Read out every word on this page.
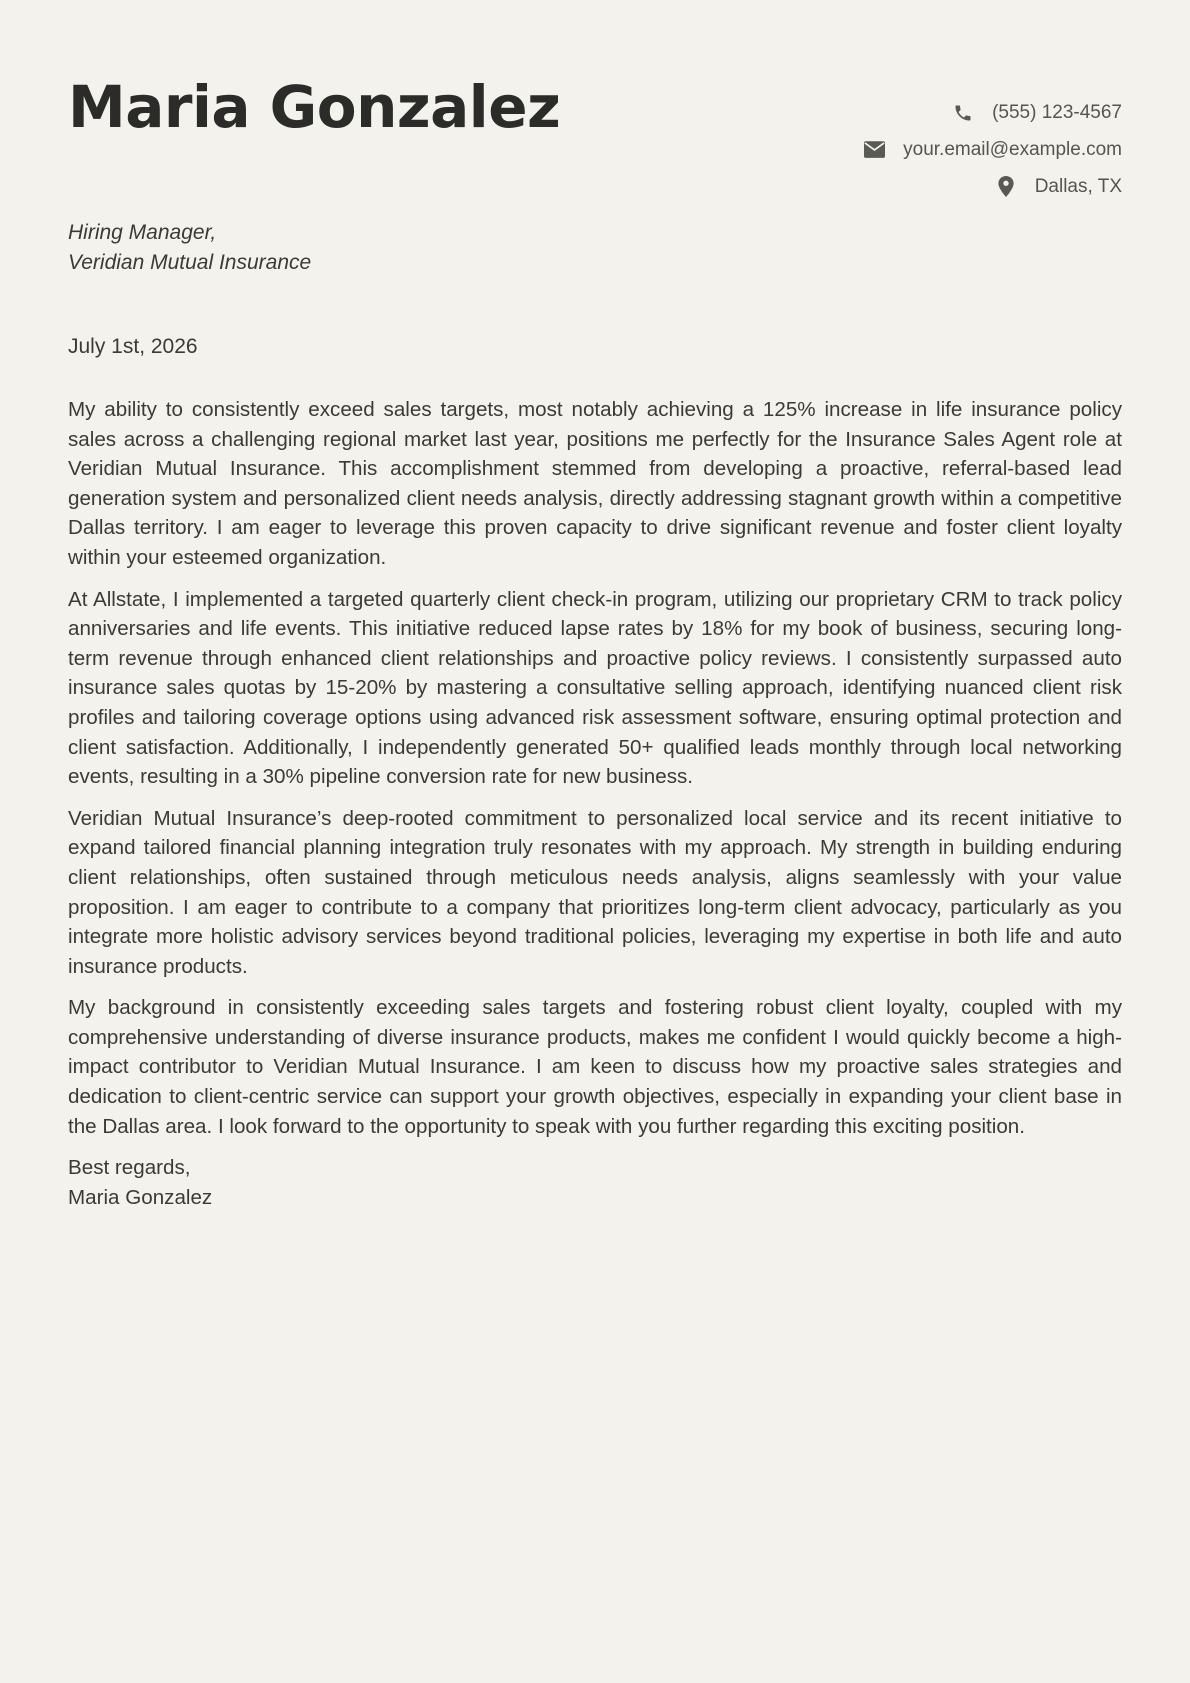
Maria Gonzalez	(555) 123-4567
your.email@example.com
Dallas, TX
Hiring Manager,
Veridian Mutual Insurance
July 1st, 2026

My ability to consistently exceed sales targets, most notably achieving a 125% increase in life insurance policy sales across a challenging regional market last year, positions me perfectly for the Insurance Sales Agent role at Veridian Mutual Insurance. This accomplishment stemmed from developing a proactive, referral-based lead generation system and personalized client needs analysis, directly addressing stagnant growth within a competitive Dallas territory. I am eager to leverage this proven capacity to drive significant revenue and foster client loyalty within your esteemed organization.

At Allstate, I implemented a targeted quarterly client check-in program, utilizing our proprietary CRM to track policy anniversaries and life events. This initiative reduced lapse rates by 18% for my book of business, securing long-term revenue through enhanced client relationships and proactive policy reviews. I consistently surpassed auto insurance sales quotas by 15-20% by mastering a consultative selling approach, identifying nuanced client risk profiles and tailoring coverage options using advanced risk assessment software, ensuring optimal protection and client satisfaction. Additionally, I independently generated 50+ qualified leads monthly through local networking events, resulting in a 30% pipeline conversion rate for new business.

Veridian Mutual Insurance’s deep-rooted commitment to personalized local service and its recent initiative to expand tailored financial planning integration truly resonates with my approach. My strength in building enduring client relationships, often sustained through meticulous needs analysis, aligns seamlessly with your value proposition. I am eager to contribute to a company that prioritizes long-term client advocacy, particularly as you integrate more holistic advisory services beyond traditional policies, leveraging my expertise in both life and auto insurance products.

My background in consistently exceeding sales targets and fostering robust client loyalty, coupled with my comprehensive understanding of diverse insurance products, makes me confident I would quickly become a high-impact contributor to Veridian Mutual Insurance. I am keen to discuss how my proactive sales strategies and dedication to client-centric service can support your growth objectives, especially in expanding your client base in the Dallas area. I look forward to the opportunity to speak with you further regarding this exciting position.

Best regards,
Maria Gonzalez
